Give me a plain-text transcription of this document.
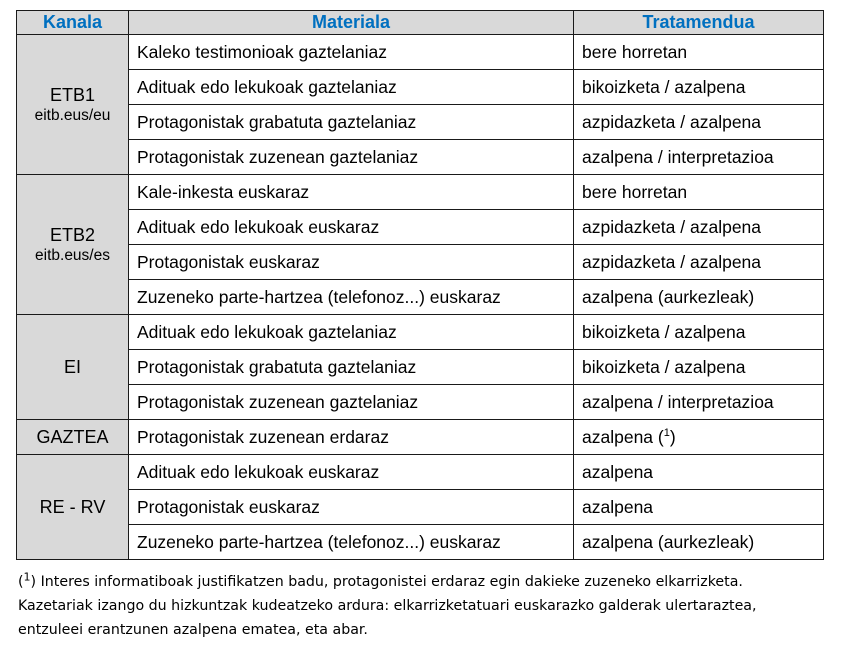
Kanala	Materiala	Tratamendua

ETB1
eitb.eus/eu	Kaleko testimonioak gaztelaniaz	bere horretan
	Adituak edo lekukoak gaztelaniaz	bikoizketa / azalpena
	Protagonistak grabatuta gaztelaniaz	azpidazketa / azalpena
	Protagonistak zuzenean gaztelaniaz	azalpena / interpretazioa

ETB2
eitb.eus/es	Kale-inkesta euskaraz	bere horretan
	Adituak edo lekukoak euskaraz	azpidazketa / azalpena
	Protagonistak euskaraz	azpidazketa / azalpena
	Zuzeneko parte-hartzea (telefonoz...) euskaraz	azalpena (aurkezleak)

EI	Adituak edo lekukoak gaztelaniaz	bikoizketa / azalpena
	Protagonistak grabatuta gaztelaniaz	bikoizketa / azalpena
	Protagonistak zuzenean gaztelaniaz	azalpena / interpretazioa

GAZTEA	Protagonistak zuzenean erdaraz	azalpena ($^1$)

RE - RV	Adituak edo lekukoak euskaraz	azalpena
	Protagonistak euskaraz	azalpena
	Zuzeneko parte-hartzea (telefonoz...) euskaraz	azalpena (aurkezleak)

($^1$) Interes informatiboak justifikatzen badu, protagonistei erdaraz egin dakieke zuzeneko elkarrizketa.

Kazetariak izango du hizkuntzak kudeatzeko ardura: elkarrizketatuari euskarazko galderak ulertaraztea,

entzuleei erantzunen azalpena ematea, eta abar.
